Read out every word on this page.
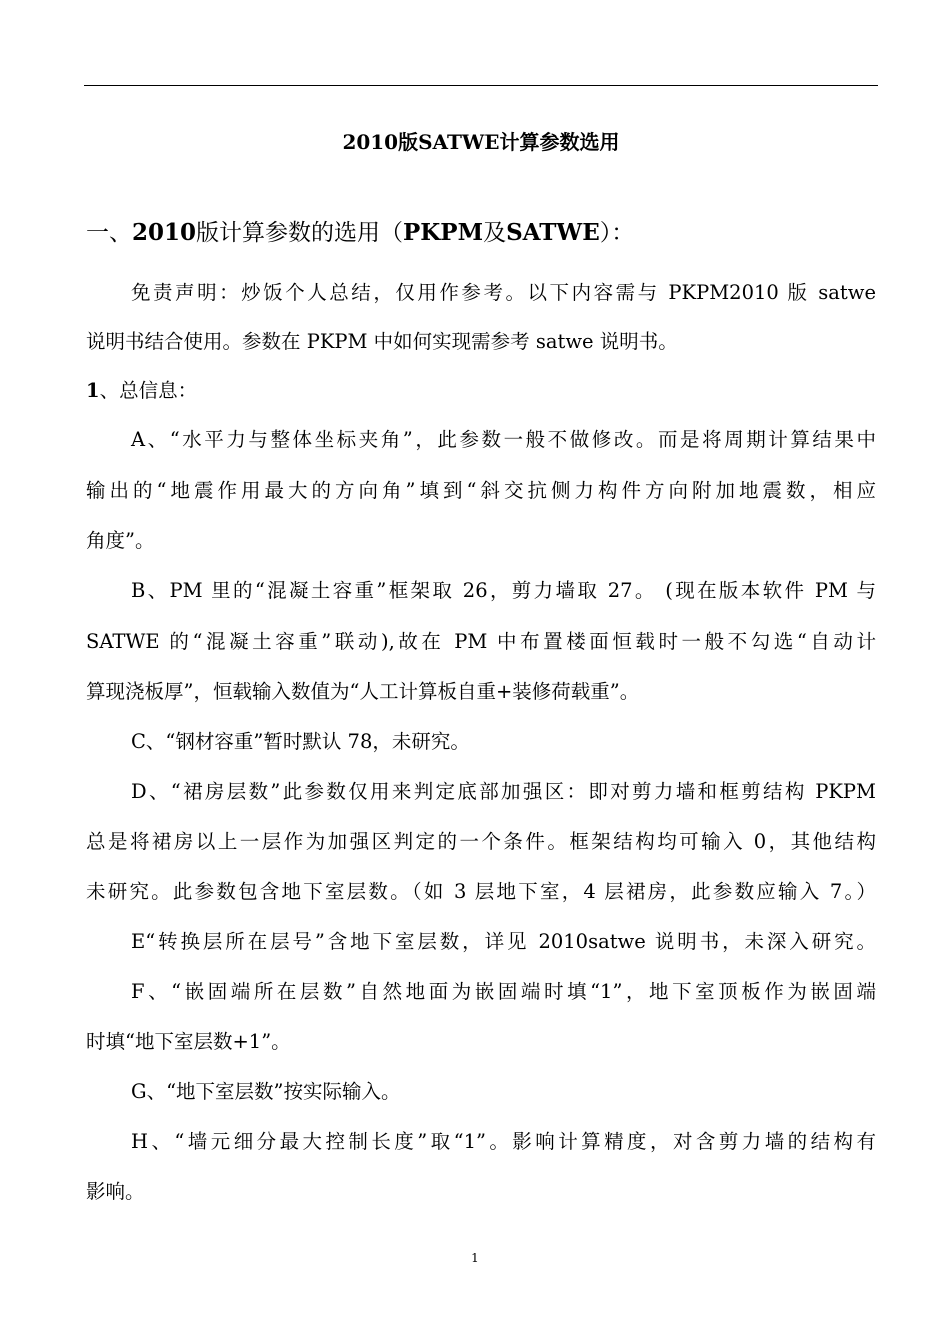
2010版SATWE计算参数选用
一、2010版计算参数的选用（PKPM及SATWE）：
免责声明：炒饭个人总结，仅用作参考。以下内容需与 PKPM2010 版 satwe
说明书结合使用。参数在 PKPM 中如何实现需参考 satwe 说明书。
1、总信息：
A、“水平力与整体坐标夹角”，此参数一般不做修改。而是将周期计算结果中
输出的“地震作用最大的方向角”填到“斜交抗侧力构件方向附加地震数，相应
角度”。
B、PM 里的“混凝土容重”框架取 26，剪力墙取 27。 (现在版本软件 PM 与
SATWE 的“混凝土容重”联动),故在 PM 中布置楼面恒载时一般不勾选“自动计
算现浇板厚”，恒载输入数值为“人工计算板自重+装修荷载重”。
C、“钢材容重”暂时默认 78，未研究。
D、“裙房层数”此参数仅用来判定底部加强区：即对剪力墙和框剪结构 PKPM
总是将裙房以上一层作为加强区判定的一个条件。框架结构均可输入 0，其他结构
未研究。此参数包含地下室层数。（如 3 层地下室，4 层裙房，此参数应输入 7。）
E“转换层所在层号”含地下室层数，详见 2010satwe 说明书，未深入研究。
F、“嵌固端所在层数”自然地面为嵌固端时填“1”，地下室顶板作为嵌固端
时填“地下室层数+1”。
G、“地下室层数”按实际输入。
H、“墙元细分最大控制长度”取“1”。影响计算精度，对含剪力墙的结构有
影响。
1
